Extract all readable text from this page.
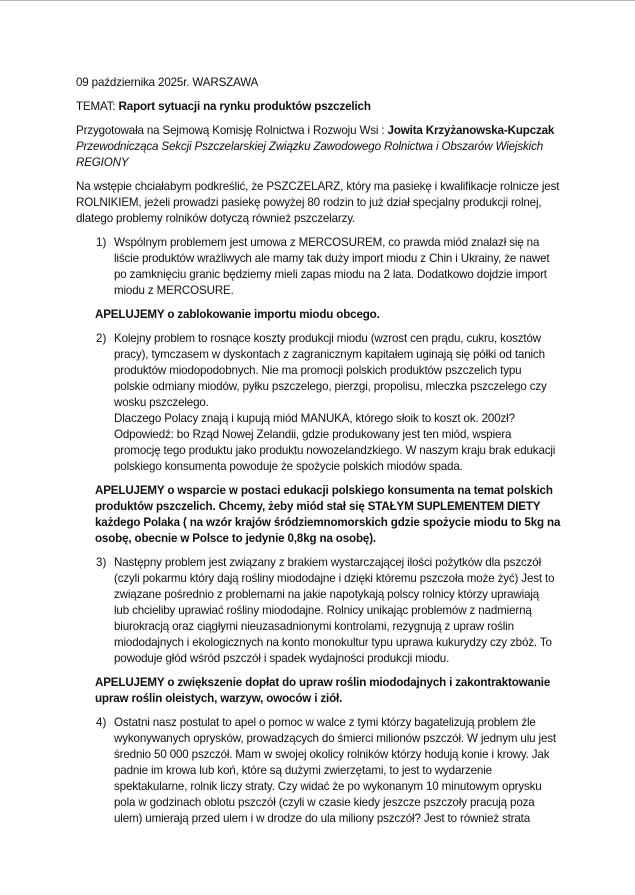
09 października 2025r. WARSZAWA

TEMAT: Raport sytuacji na rynku produktów pszczelich

Przygotowała na Sejmową Komisję Rolnictwa i Rozwoju Wsi : Jowita Krzyżanowska-Kupczak
Przewodnicząca Sekcji Pszczelarskiej Związku Zawodowego Rolnictwa i Obszarów Wiejskich
REGIONY

Na wstępie chciałabym podkreślić, że PSZCZELARZ, który ma pasiekę i kwalifikacje rolnicze jest
ROLNIKIEM, jeżeli prowadzi pasiekę powyżej 80 rodzin to już dział specjalny produkcji rolnej,
dlatego problemy rolników dotyczą również pszczelarzy.

1) Wspólnym problemem jest umowa z MERCOSUREM, co prawda miód znalazł się na
liście produktów wrażliwych ale mamy tak duży import miodu z Chin i Ukrainy, że nawet
po zamknięciu granic będziemy mieli zapas miodu na 2 lata. Dodatkowo dojdzie import
miodu z MERCOSURE.
APELUJEMY o zablokowanie importu miodu obcego.
2) Kolejny problem to rosnące koszty produkcji miodu (wzrost cen prądu, cukru, kosztów
pracy), tymczasem w dyskontach z zagranicznym kapitałem uginają się półki od tanich
produktów miodopodobnych. Nie ma promocji polskich produktów pszczelich typu
polskie odmiany miodów, pyłku pszczelego, pierzgi, propolisu, mleczka pszczelego czy
wosku pszczelego.
Dlaczego Polacy znają i kupują miód MANUKA, którego słoik to koszt ok. 200zł?
Odpowiedź: bo Rząd Nowej Zelandii, gdzie produkowany jest ten miód, wspiera
promocję tego produktu jako produktu nowozelandzkiego. W naszym kraju brak edukacji
polskiego konsumenta powoduje że spożycie polskich miodów spada.
APELUJEMY o wsparcie w postaci edukacji polskiego konsumenta na temat polskich
produktów pszczelich. Chcemy, żeby miód stał się STAŁYM SUPLEMENTEM DIETY
każdego Polaka ( na wzór krajów śródziemnomorskich gdzie spożycie miodu to 5kg na
osobę, obecnie w Polsce to jedynie 0,8kg na osobę).
3) Następny problem jest związany z brakiem wystarczającej ilości pożytków dla pszczół
(czyli pokarmu który dają rośliny miododajne i dzięki któremu pszczoła może żyć) Jest to
związane pośrednio z problemami na jakie napotykają polscy rolnicy którzy uprawiają
lub chcieliby uprawiać rośliny miododajne. Rolnicy unikając problemów z nadmierną
biurokracją oraz ciągłymi nieuzasadnionymi kontrolami, rezygnują z upraw roślin
miododajnych i ekologicznych na konto monokultur typu uprawa kukurydzy czy zbóż. To
powoduje głód wśród pszczół i spadek wydajności produkcji miodu.
APELUJEMY o zwiększenie dopłat do upraw roślin miododajnych i zakontraktowanie
upraw roślin oleistych, warzyw, owoców i ziół.
4) Ostatni nasz postulat to apel o pomoc w walce z tymi którzy bagatelizują problem źle
wykonywanych oprysków, prowadzących do śmierci milionów pszczół. W jednym ulu jest
średnio 50 000 pszczół. Mam w swojej okolicy rolników którzy hodują konie i krowy. Jak
padnie im krowa lub koń, które są dużymi zwierzętami, to jest to wydarzenie
spektakularne, rolnik liczy straty. Czy widać że po wykonanym 10 minutowym oprysku
pola w godzinach oblotu pszczół (czyli w czasie kiedy jeszcze pszczoły pracują poza
ulem) umierają przed ulem i w drodze do ula miliony pszczół? Jest to również strata
